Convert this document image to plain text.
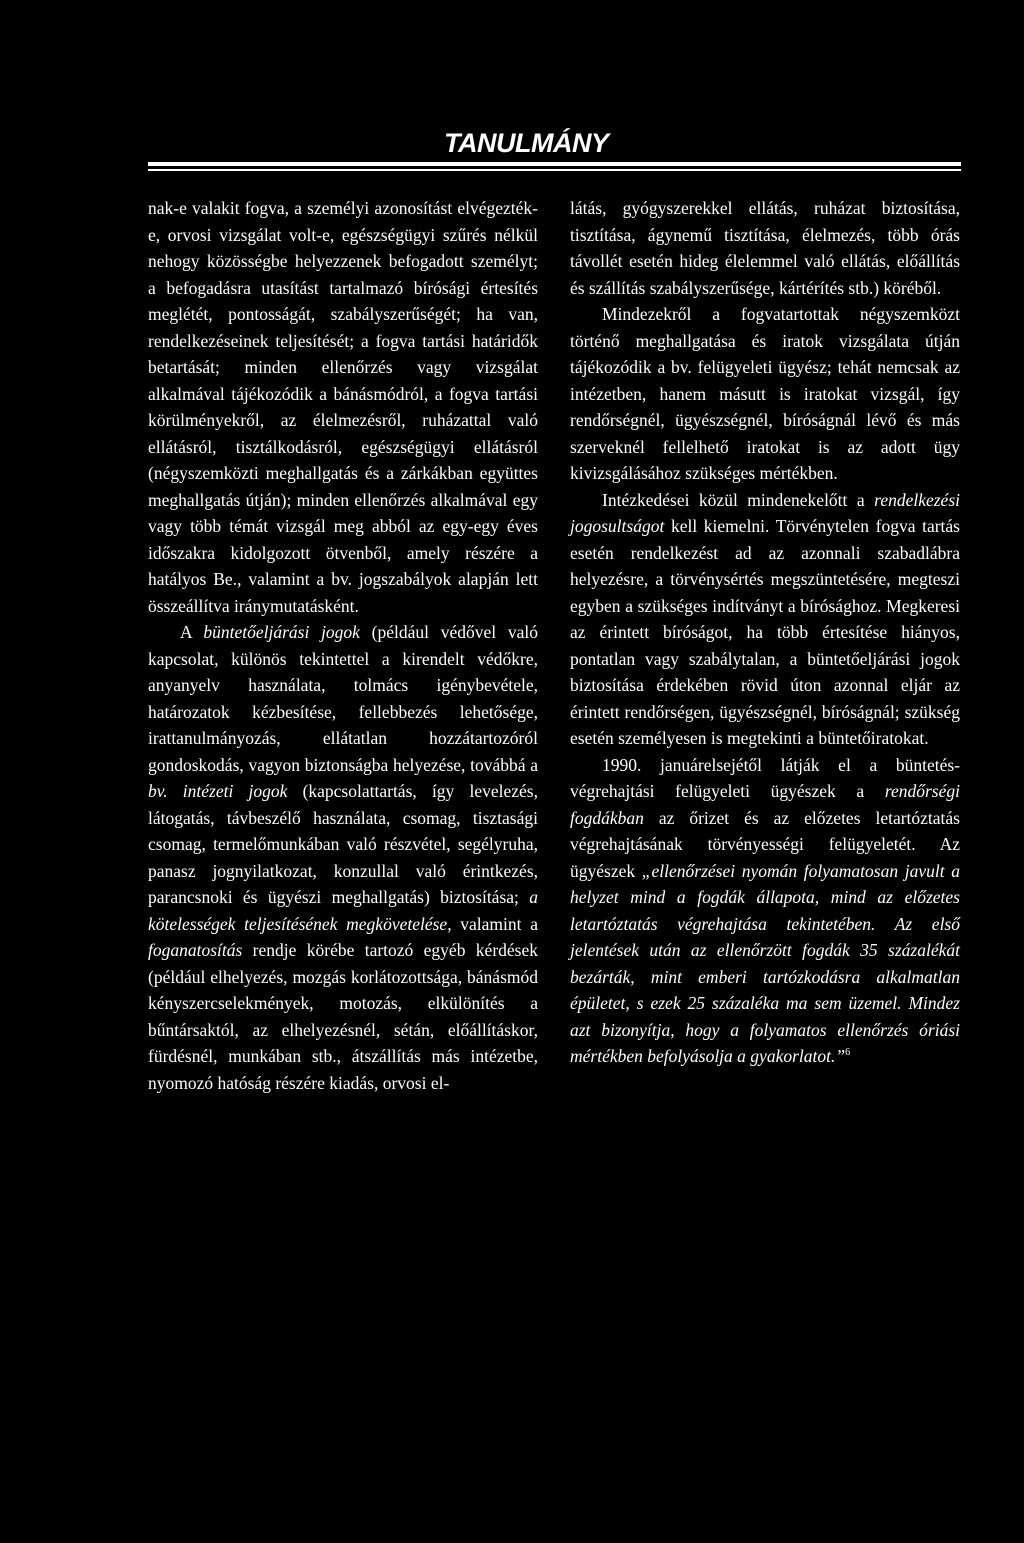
TANULMÁNY

nak-e valakit fogva, a személyi azonosítást elvégezték-e, orvosi vizsgálat volt-e, egészségügyi szűrés nélkül nehogy közösségbe helyezzenek befogadott személyt; a befogadásra utasítást tartalmazó bírósági értesítés meglétét, pontosságát, szabályszerűségét; ha van, rendelkezéseinek teljesítését; a fogva tartási határidők betartását; minden ellenőrzés vagy vizsgálat alkalmával tájékozódik a bánásmódról, a fogva tartási körülményekről, az élelmezésről, ruházattal való ellátásról, tisztálkodásról, egészségügyi ellátásról (négyszemközti meghallgatás és a zárkákban együttes meghallgatás útján); minden ellenőrzés alkalmával egy vagy több témát vizsgál meg abból az egy-egy éves időszakra kidolgozott ötvenből, amely részére a hatályos Be., valamint a bv. jogszabályok alapján lett összeállítva iránymutatásként.

A büntetőeljárási jogok (például védővel való kapcsolat, különös tekintettel a kirendelt védőkre, anyanyelv használata, tolmács igénybevétele, határozatok kézbesítése, fellebbezés lehetősége, irattanulmányozás, ellátatlan hozzátartozóról gondoskodás, vagyon biztonságba helyezése, továbbá a bv. intézeti jogok (kapcsolattartás, így levelezés, látogatás, távbeszélő használata, csomag, tisztasági csomag, termelőmunkában való részvétel, segélyruha, panasz jognyilatkozat, konzullal való érintkezés, parancsnoki és ügyészi meghallgatás) biztosítása; a kötelességek teljesítésének megkövetelése, valamint a foganatosítás rendje körébe tartozó egyéb kérdések (például elhelyezés, mozgás korlátozottsága, bánásmód kényszercselekmények, motozás, elkülönítés a bűntársaktól, az elhelyezésnél, sétán, előállításkor, fürdésnél, munkában stb., átszállítás más intézetbe, nyomozó hatóság részére kiadás, orvosi el-

látás, gyógyszerekkel ellátás, ruházat biztosítása, tisztítása, ágynemű tisztítása, élelmezés, több órás távollét esetén hideg élelemmel való ellátás, előállítás és szállítás szabályszerűsége, kártérítés stb.) köréből.

Mindezekről a fogvatartottak négyszemközt történő meghallgatása és iratok vizsgálata útján tájékozódik a bv. felügyeleti ügyész; tehát nemcsak az intézetben, hanem másutt is iratokat vizsgál, így rendőrségnél, ügyészségnél, bíróságnál lévő és más szerveknél fellelhető iratokat is az adott ügy kivizsgálásához szükséges mértékben.

Intézkedései közül mindenekelőtt a rendelkezési jogosultságot kell kiemelni. Törvénytelen fogva tartás esetén rendelkezést ad az azonnali szabadlábra helyezésre, a törvénysértés megszüntetésére, megteszi egyben a szükséges indítványt a bírósághoz. Megkeresi az érintett bíróságot, ha több értesítése hiányos, pontatlan vagy szabálytalan, a büntetőeljárási jogok biztosítása érdekében rövid úton azonnal eljár az érintett rendőrségen, ügyészségnél, bíróságnál; szükség esetén személyesen is megtekinti a büntetőiratokat.

1990. januárelsejétől látják el a büntetés-végrehajtási felügyeleti ügyészek a rendőrségi fogdákban az őrizet és az előzetes letartóztatás végrehajtásának törvényességi felügyeletét. Az ügyészek „ellenőrzései nyomán folyamatosan javult a helyzet mind a fogdák állapota, mind az előzetes letartóztatás végrehajtása tekintetében. Az első jelentések után az ellenőrzött fogdák 35 százalékát bezárták, mint emberi tartózkodásra alkalmatlan épületet, s ezek 25 százaléka ma sem üzemel. Mindez azt bizonyítja, hogy a folyamatos ellenőrzés óriási mértékben befolyásolja a gyakorlatot.”$^6$
